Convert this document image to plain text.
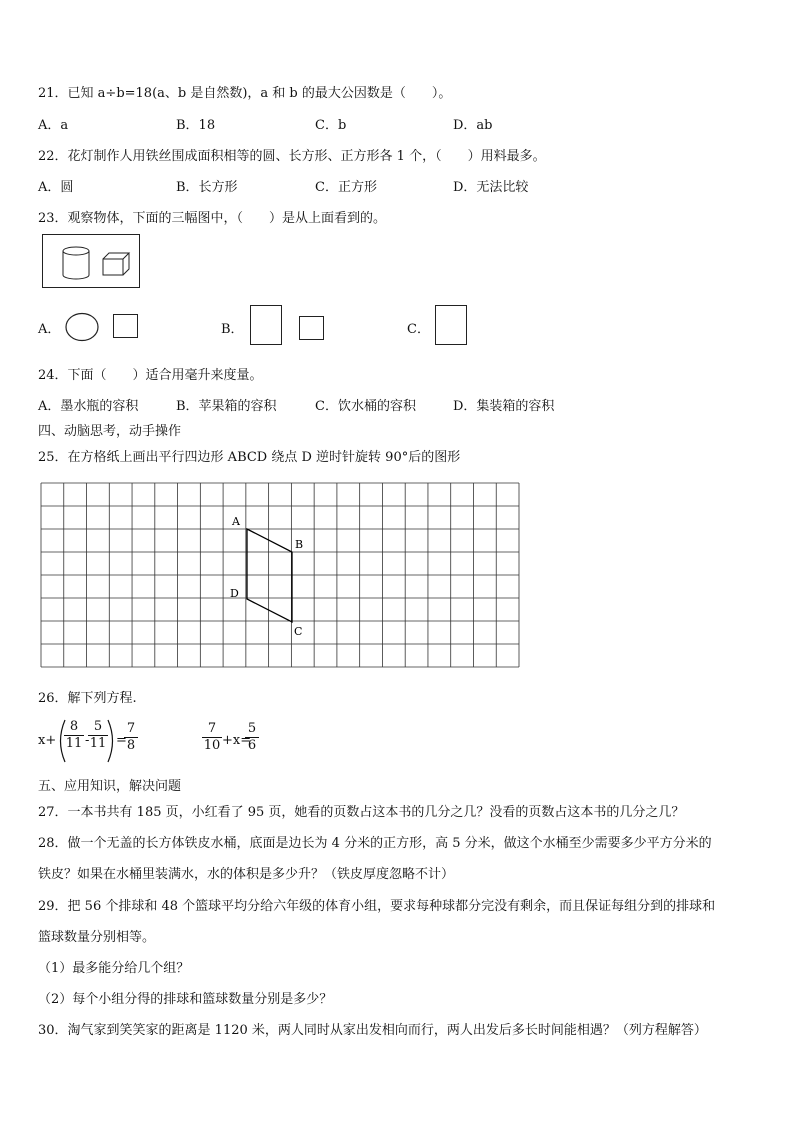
21．已知 a÷b=18(a、b 是自然数)，a 和 b 的最大公因数是（　　）。
A．a	B．18	C．b	D．ab
22．花灯制作人用铁丝围成面积相等的圆、长方形、正方形各 1 个，（　　）用料最多。
A．圆	B．长方形	C．正方形	D．无法比较
23．观察物体，下面的三幅图中，（　　）是从上面看到的。
A．	B．	C．
24．下面（　　）适合用毫升来度量。
A．墨水瓶的容积	B．苹果箱的容积	C．饮水桶的容积	D．集装箱的容积
四、动脑思考，动手操作
25．在方格纸上画出平行四边形 ABCD 绕点 D 逆时针旋转 90°后的图形
A
B
C
D
26．解下列方程.
x+
8
11 -
5
11 =
7
8
7
10 +x=
5
6
五、应用知识，解决问题
27．一本书共有 185 页，小红看了 95 页，她看的页数占这本书的几分之几？没看的页数占这本书的几分之几？
28．做一个无盖的长方体铁皮水桶，底面是边长为 4 分米的正方形，高 5 分米，做这个水桶至少需要多少平方分米的
铁皮？如果在水桶里装满水，水的体积是多少升？（铁皮厚度忽略不计）
29．把 56 个排球和 48 个篮球平均分给六年级的体育小组，要求每种球都分完没有剩余，而且保证每组分到的排球和
篮球数量分别相等。
（1）最多能分给几个组？
（2）每个小组分得的排球和篮球数量分别是多少？
30．淘气家到笑笑家的距离是 1120 米，两人同时从家出发相向而行，两人出发后多长时间能相遇？（列方程解答）
